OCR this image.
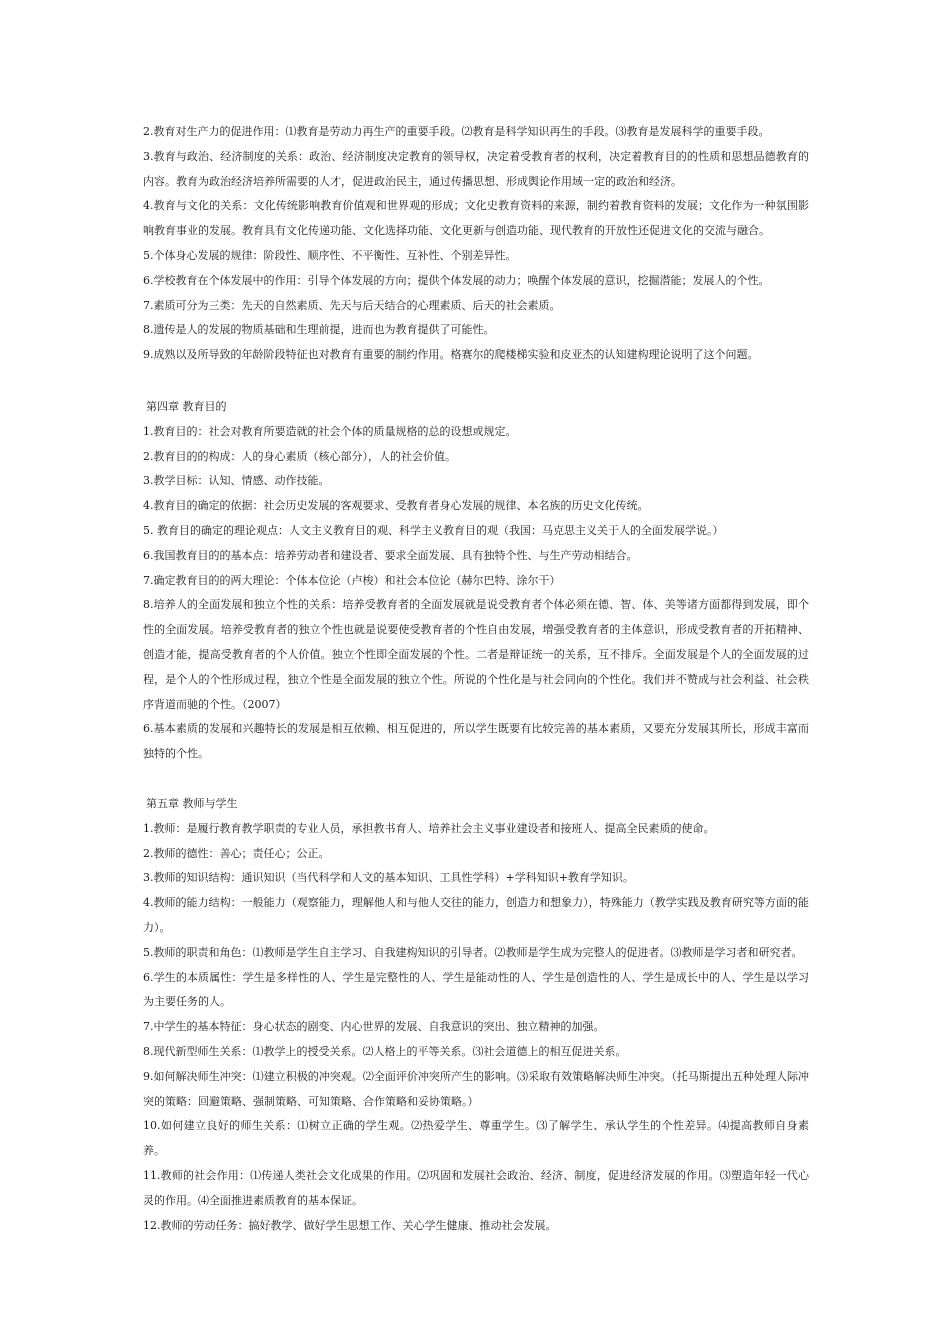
2.教育对生产力的促进作用：⑴教育是劳动力再生产的重要手段。⑵教育是科学知识再生的手段。⑶教育是发展科学的重要手段。

3.教育与政治、经济制度的关系：政治、经济制度决定教育的领导权，决定着受教育者的权利，决定着教育目的的性质和思想品德教育的内容。教育为政治经济培养所需要的人才，促进政治民主，通过传播思想、形成舆论作用域一定的政治和经济。

4.教育与文化的关系：文化传统影响教育价值观和世界观的形成；文化史教育资料的来源，制约着教育资料的发展；文化作为一种氛围影响教育事业的发展。教育具有文化传递功能、文化选择功能、文化更新与创造功能、现代教育的开放性还促进文化的交流与融合。

5.个体身心发展的规律：阶段性、顺序性、不平衡性、互补性、个别差异性。

6.学校教育在个体发展中的作用：引导个体发展的方向；提供个体发展的动力；唤醒个体发展的意识，挖掘潜能；发展人的个性。

7.素质可分为三类：先天的自然素质、先天与后天结合的心理素质、后天的社会素质。

8.遗传是人的发展的物质基础和生理前提，进而也为教育提供了可能性。

9.成熟以及所导致的年龄阶段特征也对教育有重要的制约作用。格赛尔的爬楼梯实验和皮亚杰的认知建构理论说明了这个问题。

第四章 教育目的

1.教育目的：社会对教育所要造就的社会个体的质量规格的总的设想或规定。

2.教育目的的构成：人的身心素质（核心部分），人的社会价值。

3.教学目标：认知、情感、动作技能。

4.教育目的确定的依据：社会历史发展的客观要求、受教育者身心发展的规律、本名族的历史文化传统。

5. 教育目的确定的理论观点：人文主义教育目的观、科学主义教育目的观（我国：马克思主义关于人的全面发展学说。）

6.我国教育目的的基本点：培养劳动者和建设者、要求全面发展、具有独特个性、与生产劳动相结合。

7.确定教育目的的两大理论：个体本位论（卢梭）和社会本位论（赫尔巴特、涂尔干）

8.培养人的全面发展和独立个性的关系：培养受教育者的全面发展就是说受教育者个体必须在德、智、体、美等诸方面都得到发展，即个性的全面发展。培养受教育者的独立个性也就是说要使受教育者的个性自由发展，增强受教育者的主体意识，形成受教育者的开拓精神、创造才能，提高受教育者的个人价值。独立个性即全面发展的个性。二者是辩证统一的关系，互不排斥。全面发展是个人的全面发展的过程，是个人的个性形成过程，独立个性是全面发展的独立个性。所说的个性化是与社会同向的个性化。我们并不赞成与社会利益、社会秩序背道而驰的个性。（2007）

6.基本素质的发展和兴趣特长的发展是相互依赖、相互促进的，所以学生既要有比较完善的基本素质，又要充分发展其所长，形成丰富而独特的个性。

第五章 教师与学生

1.教师：是履行教育教学职责的专业人员，承担教书育人、培养社会主义事业建设者和接班人、提高全民素质的使命。

2.教师的德性：善心；责任心；公正。

3.教师的知识结构：通识知识（当代科学和人文的基本知识、工具性学科）+学科知识+教育学知识。

4.教师的能力结构：一般能力（观察能力，理解他人和与他人交往的能力，创造力和想象力），特殊能力（教学实践及教育研究等方面的能力）。

5.教师的职责和角色：⑴教师是学生自主学习、自我建构知识的引导者。⑵教师是学生成为完整人的促进者。⑶教师是学习者和研究者。

6.学生的本质属性：学生是多样性的人、学生是完整性的人、学生是能动性的人、学生是创造性的人、学生是成长中的人、学生是以学习为主要任务的人。

7.中学生的基本特征：身心状态的剧变、内心世界的发展、自我意识的突出、独立精神的加强。

8.现代新型师生关系：⑴教学上的授受关系。⑵人格上的平等关系。⑶社会道德上的相互促进关系。

9.如何解决师生冲突：⑴建立积极的冲突观。⑵全面评价冲突所产生的影响。⑶采取有效策略解决师生冲突。（托马斯提出五种处理人际冲突的策略：回避策略、强制策略、可知策略、合作策略和妥协策略。）

10.如何建立良好的师生关系：⑴树立正确的学生观。⑵热爱学生、尊重学生。⑶了解学生、承认学生的个性差异。⑷提高教师自身素养。

11.教师的社会作用：⑴传递人类社会文化成果的作用。⑵巩固和发展社会政治、经济、制度，促进经济发展的作用。⑶塑造年轻一代心灵的作用。⑷全面推进素质教育的基本保证。

12.教师的劳动任务：搞好教学、做好学生思想工作、关心学生健康、推动社会发展。
